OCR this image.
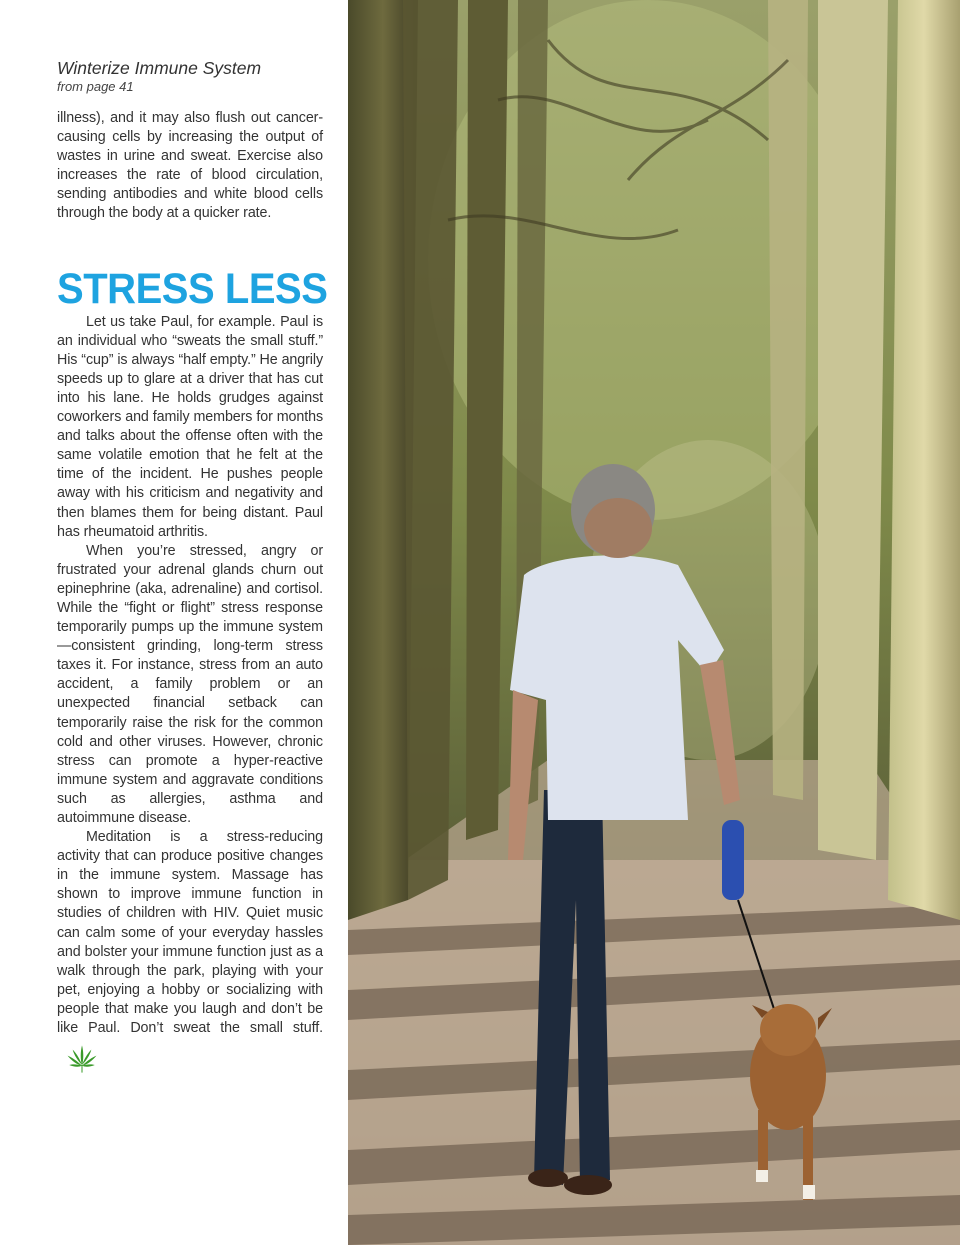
Winterize Immune System

from page 41

illness), and it may also flush out cancer-causing cells by increasing the output of wastes in urine and sweat. Exercise also increases the rate of blood circulation, sending antibodies and white blood cells through the body at a quicker rate.

STRESS LESS

Let us take Paul, for example. Paul is an individual who “sweats the small stuff.” His “cup” is always “half empty.” He angrily speeds up to glare at a driver that has cut into his lane. He holds grudges against coworkers and family members for months and talks about the offense often with the same volatile emotion that he felt at the time of the incident. He pushes people away with his criticism and negativity and then blames them for being distant. Paul has rheumatoid arthritis.

When you’re stressed, angry or frustrated your adrenal glands churn out epinephrine (aka, adrenaline) and cortisol. While the “fight or flight” stress response temporarily pumps up the immune system—consistent grinding, long-term stress taxes it. For instance, stress from an auto accident, a family problem or an unexpected financial setback can temporarily raise the risk for the common cold and other viruses. However, chronic stress can promote a hyper-reactive immune system and aggravate conditions such as allergies, asthma and autoimmune disease.

Meditation is a stress-reducing activity that can produce positive changes in the immune system. Massage has shown to improve immune function in studies of children with HIV. Quiet music can calm some of your everyday hassles and bolster your immune function just as a walk through the park, playing with your pet, enjoying a hobby or socializing with people that make you laugh and don’t be like Paul. Don’t sweat the small stuff.
